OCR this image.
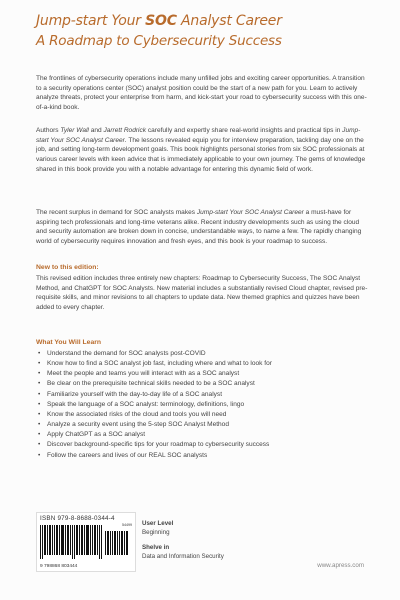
Jump-start Your SOC Analyst Career
A Roadmap to Cybersecurity Success

The frontlines of cybersecurity operations include many unfilled jobs and exciting career opportunities. A transition to a security operations center (SOC) analyst position could be the start of a new path for you. Learn to actively analyze threats, protect your enterprise from harm, and kick-start your road to cybersecurity success with this one-of-a-kind book.

Authors Tyler Wall and Jarrett Rodrick carefully and expertly share real-world insights and practical tips in Jump-start Your SOC Analyst Career. The lessons revealed equip you for interview preparation, tackling day one on the job, and setting long-term development goals. This book highlights personal stories from six SOC professionals at various career levels with keen advice that is immediately applicable to your own journey. The gems of knowledge shared in this book provide you with a notable advantage for entering this dynamic field of work.

The recent surplus in demand for SOC analysts makes Jump-start Your SOC Analyst Career a must-have for aspiring tech professionals and long-time veterans alike. Recent industry developments such as using the cloud and security automation are broken down in concise, understandable ways, to name a few. The rapidly changing world of cybersecurity requires innovation and fresh eyes, and this book is your roadmap to success.

New to this edition:

This revised edition includes three entirely new chapters: Roadmap to Cybersecurity Success, The SOC Analyst Method, and ChatGPT for SOC Analysts. New material includes a substantially revised Cloud chapter, revised pre-requisite skills, and minor revisions to all chapters to update data. New themed graphics and quizzes have been added to every chapter.

What You Will Learn

• Understand the demand for SOC analysts post-COVID
• Know how to find a SOC analyst job fast, including where and what to look for
• Meet the people and teams you will interact with as a SOC analyst
• Be clear on the prerequisite technical skills needed to be a SOC analyst
• Familiarize yourself with the day-to-day life of a SOC analyst
• Speak the language of a SOC analyst: terminology, definitions, lingo
• Know the associated risks of the cloud and tools you will need
• Analyze a security event using the 5-step SOC Analyst Method
• Apply ChatGPT as a SOC analyst
• Discover background-specific tips for your roadmap to cybersecurity success
• Follow the careers and lives of our REAL SOC analysts
ISBN 979-8-8688-0344-4
54499
9 798868 803444
User Level
Beginning
Shelve in
Data and Information Security
www.apress.com
